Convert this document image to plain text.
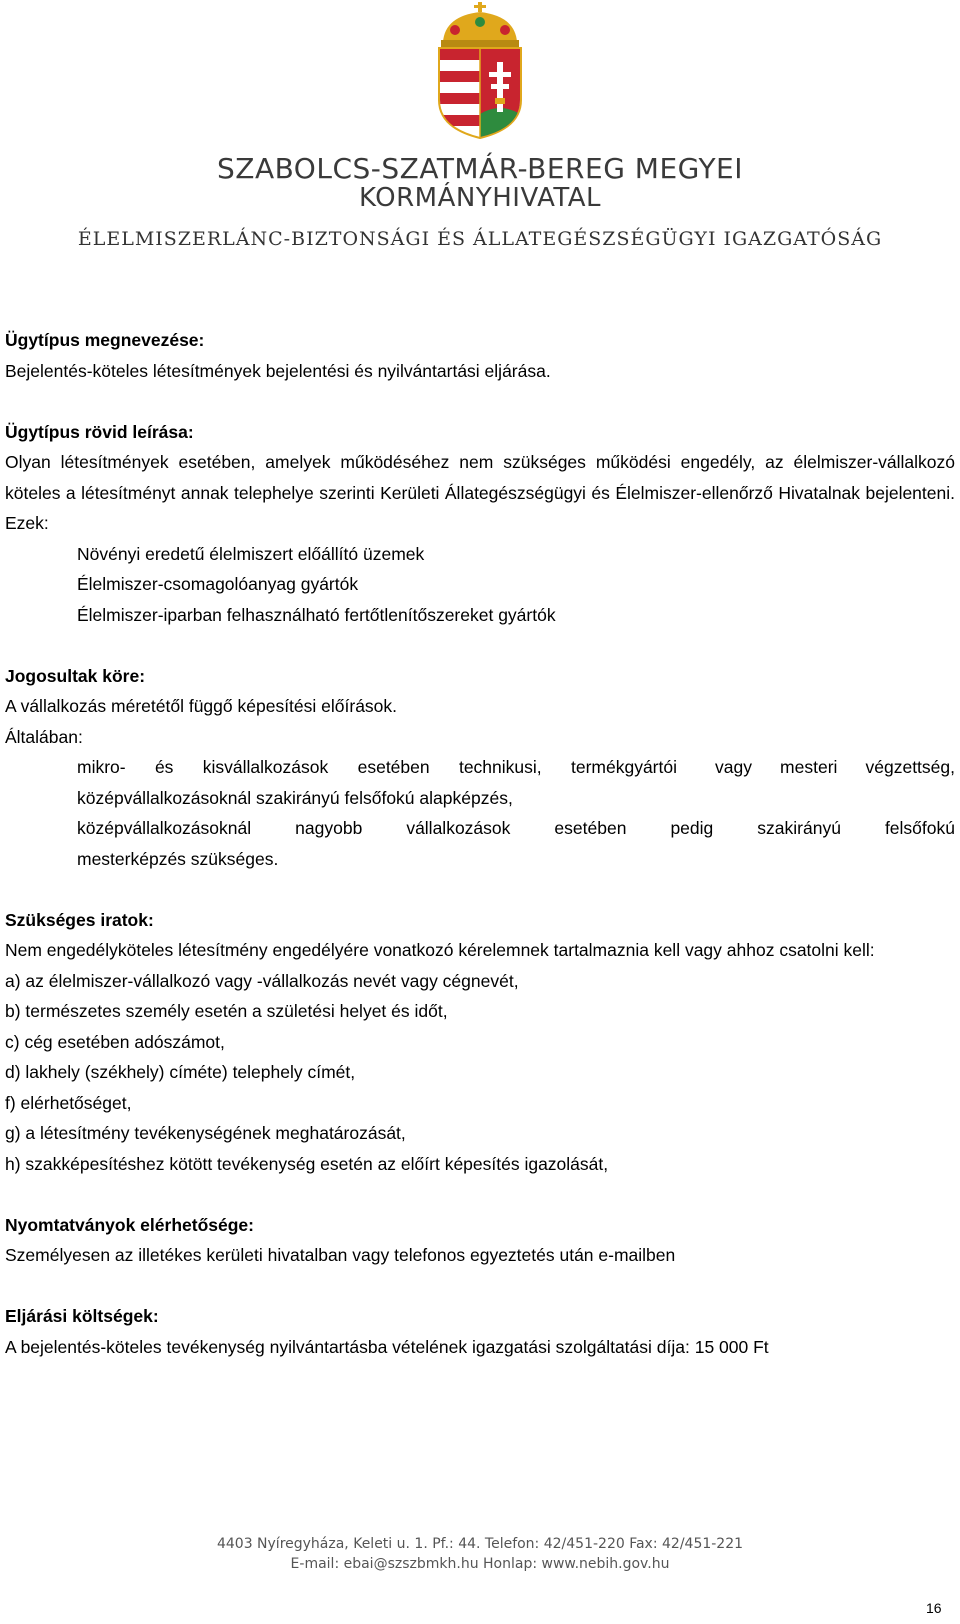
SZABOLCS-SZATMÁR-BEREG MEGYEI
KORMÁNYHIVATAL
ÉLELMISZERLÁNC-BIZTONSÁGI ÉS ÁLLATEGÉSZSÉGÜGYI IGAZGATÓSÁG

Ügytípus megnevezése:

Bejelentés-köteles létesítmények bejelentési és nyilvántartási eljárása.

Ügytípus rövid leírása:

Olyan létesítmények esetében, amelyek működéséhez nem szükséges működési engedély, az élelmiszer-vállalkozó köteles a létesítményt annak telephelye szerinti Kerületi Állategészségügyi és Élelmiszer-ellenőrző Hivatalnak bejelenteni. Ezek:

Növényi eredetű élelmiszert előállító üzemek

Élelmiszer-csomagolóanyag gyártók

Élelmiszer-iparban felhasználható fertőtlenítőszereket gyártók

Jogosultak köre:

A vállalkozás méretétől függő képesítési előírások.

Általában:

mikro- és kisvállalkozások esetében technikusi, termékgyártói vagy mesteri végzettség,

középvállalkozásoknál szakirányú felsőfokú alapképzés,

középvállalkozásoknál nagyobb vállalkozások esetében pedig szakirányú felsőfokú

mesterképzés szükséges.

Szükséges iratok:

Nem engedélyköteles létesítmény engedélyére vonatkozó kérelemnek tartalmaznia kell vagy ahhoz csatolni kell:

a) az élelmiszer-vállalkozó vagy -vállalkozás nevét vagy cégnevét,

b) természetes személy esetén a születési helyet és időt,

c) cég esetében adószámot,

d) lakhely (székhely) címéte) telephely címét,

f) elérhetőséget,

g) a létesítmény tevékenységének meghatározását,

h) szakképesítéshez kötött tevékenység esetén az előírt képesítés igazolását,

Nyomtatványok elérhetősége:

Személyesen az illetékes kerületi hivatalban vagy telefonos egyeztetés után e-mailben

Eljárási költségek:

A bejelentés-köteles tevékenység nyilvántartásba vételének igazgatási szolgáltatási díja: 15 000 Ft

4403 Nyíregyháza, Keleti u. 1. Pf.: 44. Telefon: 42/451-220 Fax: 42/451-221
E-mail: ebai@szszbmkh.hu Honlap: www.nebih.gov.hu
16
